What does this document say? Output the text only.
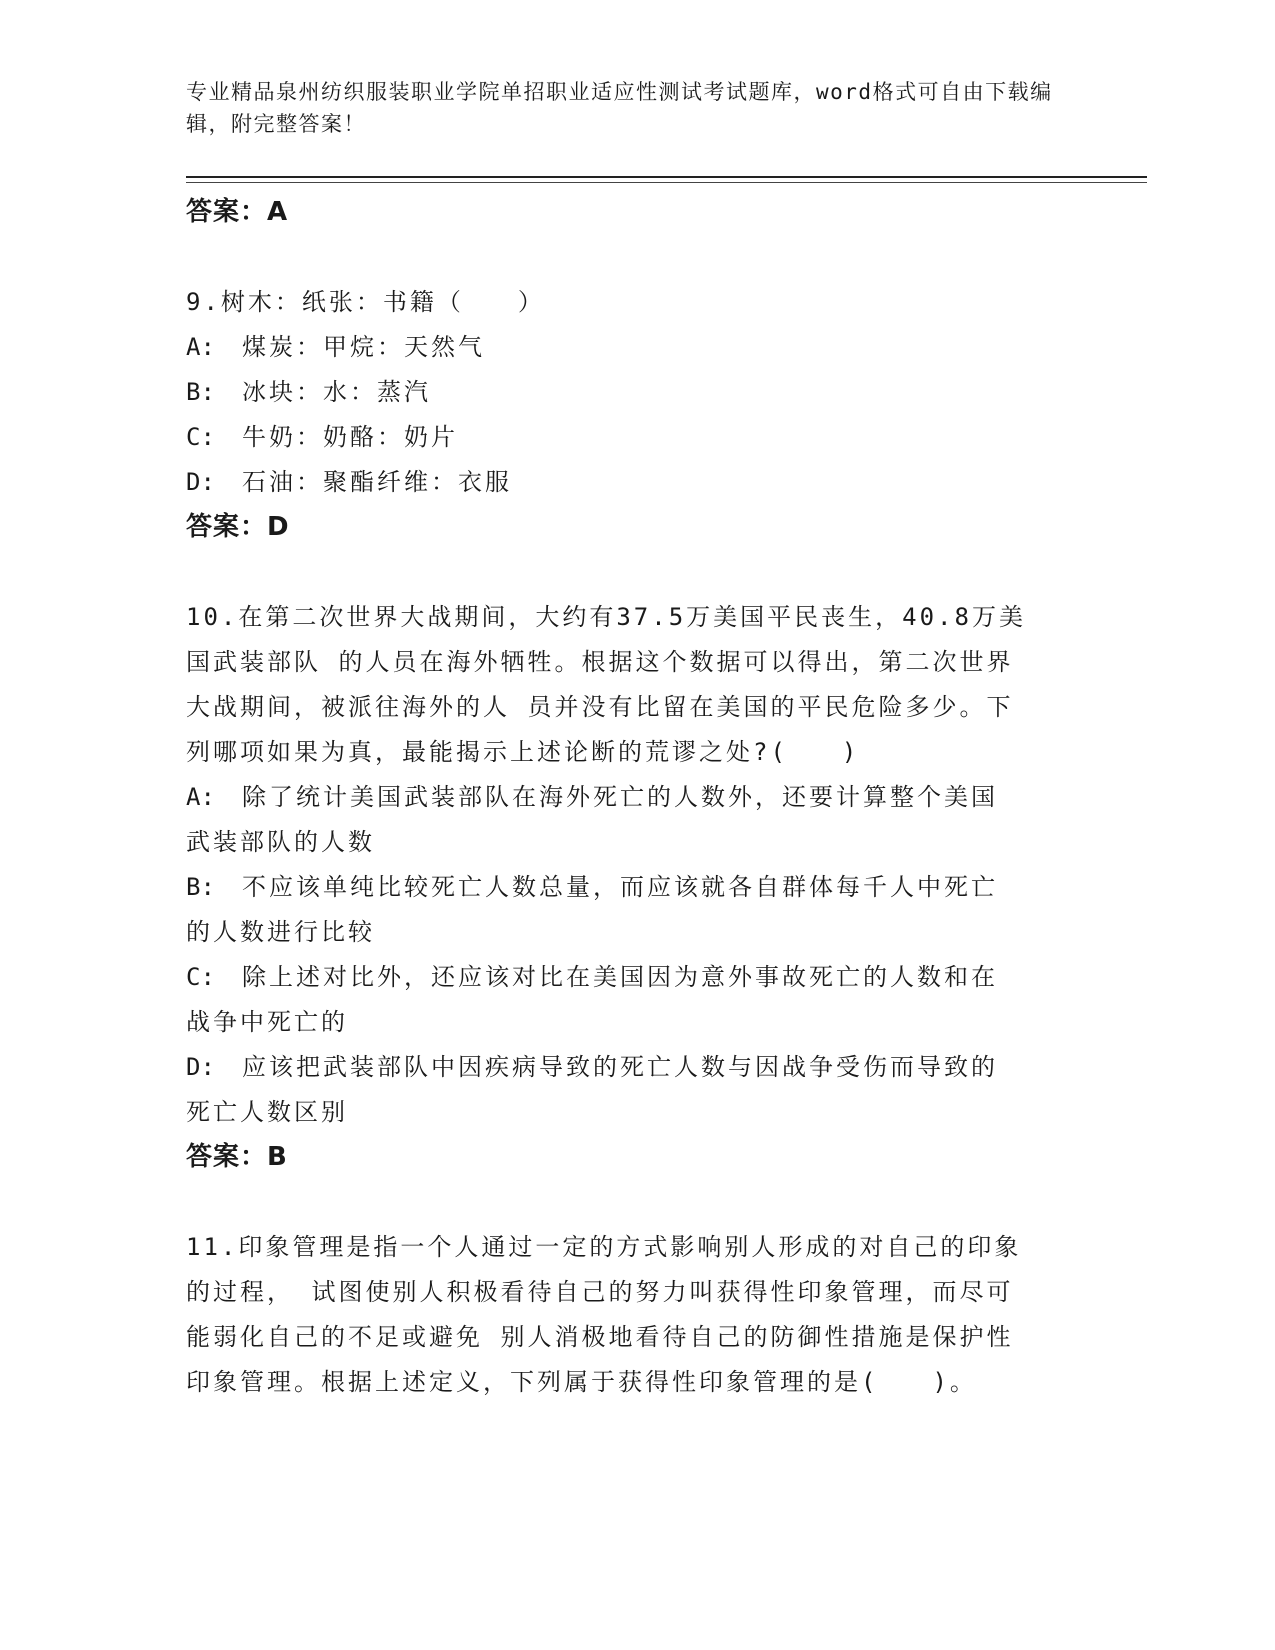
专业精品泉州纺织服装职业学院单招职业适应性测试考试题库，word格式可自由下载编辑，附完整答案！
答案：A
9.树木：纸张：书籍（　　）
A: 煤炭：甲烷：天然气
B: 冰块：水：蒸汽
C: 牛奶：奶酪：奶片
D: 石油：聚酯纤维：衣服
答案：D
10.在第二次世界大战期间，大约有37.5万美国平民丧生，40.8万美
国武装部队 的人员在海外牺牲。根据这个数据可以得出，第二次世界
大战期间，被派往海外的人 员并没有比留在美国的平民危险多少。下
列哪项如果为真，最能揭示上述论断的荒谬之处?(　　)
A: 除了统计美国武装部队在海外死亡的人数外，还要计算整个美国
武装部队的人数
B: 不应该单纯比较死亡人数总量，而应该就各自群体每千人中死亡
的人数进行比较
C: 除上述对比外，还应该对比在美国因为意外事故死亡的人数和在
战争中死亡的
D: 应该把武装部队中因疾病导致的死亡人数与因战争受伤而导致的
死亡人数区别
答案：B
11.印象管理是指一个人通过一定的方式影响别人形成的对自己的印象
的过程， 试图使别人积极看待自己的努力叫获得性印象管理，而尽可
能弱化自己的不足或避免 别人消极地看待自己的防御性措施是保护性
印象管理。根据上述定义，下列属于获得性印象管理的是(　　)。
